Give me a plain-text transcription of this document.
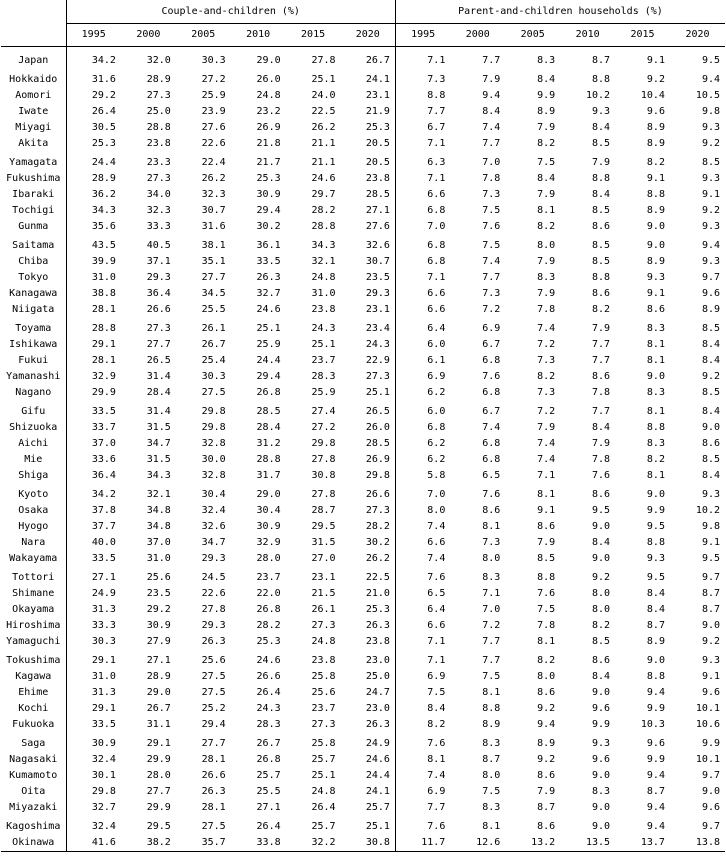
	Couple-and-children (%)						Parent-and-children households (%)					
	1995	2000	2005	2010	2015	2020	1995	2000	2005	2010	2015	2020
Japan	34.2	32.0	30.3	29.0	27.8	26.7	7.1	7.7	8.3	8.7	9.1	9.5
Hokkaido	31.6	28.9	27.2	26.0	25.1	24.1	7.3	7.9	8.4	8.8	9.2	9.4
Aomori	29.2	27.3	25.9	24.8	24.0	23.1	8.8	9.4	9.9	10.2	10.4	10.5
Iwate	26.4	25.0	23.9	23.2	22.5	21.9	7.7	8.4	8.9	9.3	9.6	9.8
Miyagi	30.5	28.8	27.6	26.9	26.2	25.3	6.7	7.4	7.9	8.4	8.9	9.3
Akita	25.3	23.8	22.6	21.8	21.1	20.5	7.1	7.7	8.2	8.5	8.9	9.2
Yamagata	24.4	23.3	22.4	21.7	21.1	20.5	6.3	7.0	7.5	7.9	8.2	8.5
Fukushima	28.9	27.3	26.2	25.3	24.6	23.8	7.1	7.8	8.4	8.8	9.1	9.3
Ibaraki	36.2	34.0	32.3	30.9	29.7	28.5	6.6	7.3	7.9	8.4	8.8	9.1
Tochigi	34.3	32.3	30.7	29.4	28.2	27.1	6.8	7.5	8.1	8.5	8.9	9.2
Gunma	35.6	33.3	31.6	30.2	28.8	27.6	7.0	7.6	8.2	8.6	9.0	9.3
Saitama	43.5	40.5	38.1	36.1	34.3	32.6	6.8	7.5	8.0	8.5	9.0	9.4
Chiba	39.9	37.1	35.1	33.5	32.1	30.7	6.8	7.4	7.9	8.5	8.9	9.3
Tokyo	31.0	29.3	27.7	26.3	24.8	23.5	7.1	7.7	8.3	8.8	9.3	9.7
Kanagawa	38.8	36.4	34.5	32.7	31.0	29.3	6.6	7.3	7.9	8.6	9.1	9.6
Niigata	28.1	26.6	25.5	24.6	23.8	23.1	6.6	7.2	7.8	8.2	8.6	8.9
Toyama	28.8	27.3	26.1	25.1	24.3	23.4	6.4	6.9	7.4	7.9	8.3	8.5
Ishikawa	29.1	27.7	26.7	25.9	25.1	24.3	6.0	6.7	7.2	7.7	8.1	8.4
Fukui	28.1	26.5	25.4	24.4	23.7	22.9	6.1	6.8	7.3	7.7	8.1	8.4
Yamanashi	32.9	31.4	30.3	29.4	28.3	27.3	6.9	7.6	8.2	8.6	9.0	9.2
Nagano	29.9	28.4	27.5	26.8	25.9	25.1	6.2	6.8	7.3	7.8	8.3	8.5
Gifu	33.5	31.4	29.8	28.5	27.4	26.5	6.0	6.7	7.2	7.7	8.1	8.4
Shizuoka	33.7	31.5	29.8	28.4	27.2	26.0	6.8	7.4	7.9	8.4	8.8	9.0
Aichi	37.0	34.7	32.8	31.2	29.8	28.5	6.2	6.8	7.4	7.9	8.3	8.6
Mie	33.6	31.5	30.0	28.8	27.8	26.9	6.2	6.8	7.4	7.8	8.2	8.5
Shiga	36.4	34.3	32.8	31.7	30.8	29.8	5.8	6.5	7.1	7.6	8.1	8.4
Kyoto	34.2	32.1	30.4	29.0	27.8	26.6	7.0	7.6	8.1	8.6	9.0	9.3
Osaka	37.8	34.8	32.4	30.4	28.7	27.3	8.0	8.6	9.1	9.5	9.9	10.2
Hyogo	37.7	34.8	32.6	30.9	29.5	28.2	7.4	8.1	8.6	9.0	9.5	9.8
Nara	40.0	37.0	34.7	32.9	31.5	30.2	6.6	7.3	7.9	8.4	8.8	9.1
Wakayama	33.5	31.0	29.3	28.0	27.0	26.2	7.4	8.0	8.5	9.0	9.3	9.5
Tottori	27.1	25.6	24.5	23.7	23.1	22.5	7.6	8.3	8.8	9.2	9.5	9.7
Shimane	24.9	23.5	22.6	22.0	21.5	21.0	6.5	7.1	7.6	8.0	8.4	8.7
Okayama	31.3	29.2	27.8	26.8	26.1	25.3	6.4	7.0	7.5	8.0	8.4	8.7
Hiroshima	33.3	30.9	29.3	28.2	27.3	26.3	6.6	7.2	7.8	8.2	8.7	9.0
Yamaguchi	30.3	27.9	26.3	25.3	24.8	23.8	7.1	7.7	8.1	8.5	8.9	9.2
Tokushima	29.1	27.1	25.6	24.6	23.8	23.0	7.1	7.7	8.2	8.6	9.0	9.3
Kagawa	31.0	28.9	27.5	26.6	25.8	25.0	6.9	7.5	8.0	8.4	8.8	9.1
Ehime	31.3	29.0	27.5	26.4	25.6	24.7	7.5	8.1	8.6	9.0	9.4	9.6
Kochi	29.1	26.7	25.2	24.3	23.7	23.0	8.4	8.8	9.2	9.6	9.9	10.1
Fukuoka	33.5	31.1	29.4	28.3	27.3	26.3	8.2	8.9	9.4	9.9	10.3	10.6
Saga	30.9	29.1	27.7	26.7	25.8	24.9	7.6	8.3	8.9	9.3	9.6	9.9
Nagasaki	32.4	29.9	28.1	26.8	25.7	24.6	8.1	8.7	9.2	9.6	9.9	10.1
Kumamoto	30.1	28.0	26.6	25.7	25.1	24.4	7.4	8.0	8.6	9.0	9.4	9.7
Oita	29.8	27.7	26.3	25.5	24.8	24.1	6.9	7.5	7.9	8.3	8.7	9.0
Miyazaki	32.7	29.9	28.1	27.1	26.4	25.7	7.7	8.3	8.7	9.0	9.4	9.6
Kagoshima	32.4	29.5	27.5	26.4	25.7	25.1	7.6	8.1	8.6	9.0	9.4	9.7
Okinawa	41.6	38.2	35.7	33.8	32.2	30.8	11.7	12.6	13.2	13.5	13.7	13.8
